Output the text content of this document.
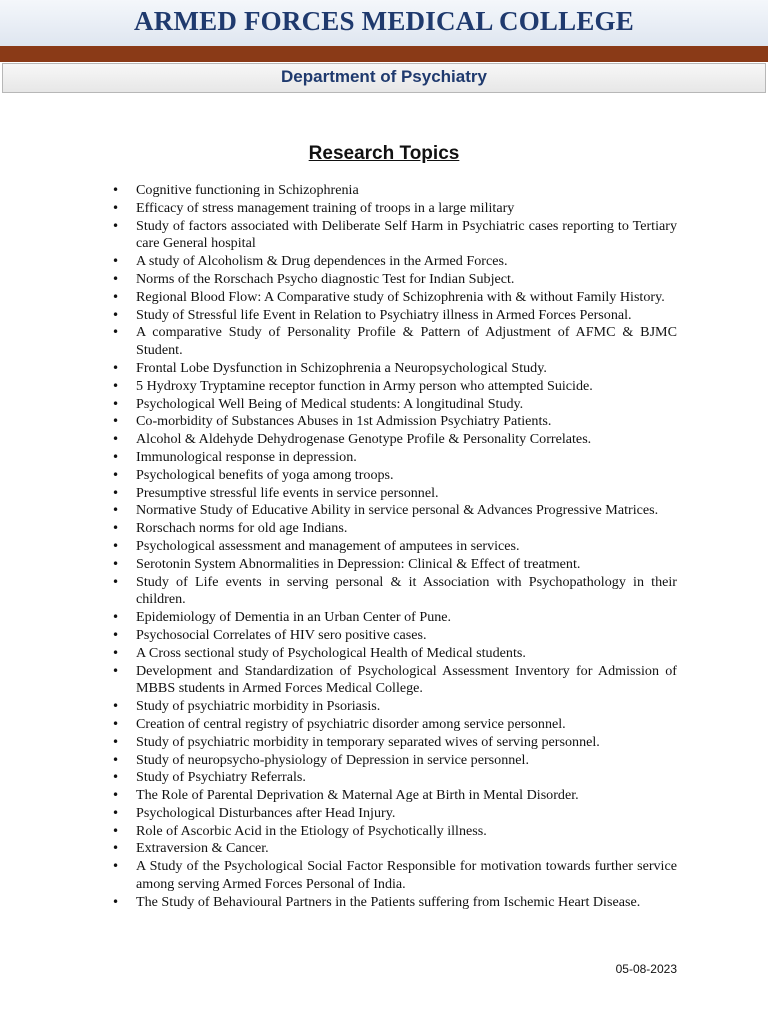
ARMED FORCES MEDICAL COLLEGE
Department of Psychiatry
Research Topics
• Cognitive functioning in Schizophrenia
• Efficacy of stress management training of troops in a large military
• Study of factors associated with Deliberate Self Harm in Psychiatric cases reporting to Tertiary care General hospital
• A study of Alcoholism & Drug dependences in the Armed Forces.
• Norms of the Rorschach Psycho diagnostic Test for Indian Subject.
• Regional Blood Flow: A Comparative study of Schizophrenia with & without Family History.
• Study of Stressful life Event in Relation to Psychiatry illness in Armed Forces Personal.
• A comparative Study of Personality Profile & Pattern of Adjustment of AFMC & BJMC Student.
• Frontal Lobe Dysfunction in Schizophrenia a Neuropsychological Study.
• 5 Hydroxy Tryptamine receptor function in Army person who attempted Suicide.
• Psychological Well Being of Medical students: A longitudinal Study.
• Co-morbidity of Substances Abuses in 1st Admission Psychiatry Patients.
• Alcohol & Aldehyde Dehydrogenase Genotype Profile & Personality Correlates.
• Immunological response in depression.
• Psychological benefits of yoga among troops.
• Presumptive stressful life events in service personnel.
• Normative Study of Educative Ability in service personal & Advances Progressive Matrices.
• Rorschach norms for old age Indians.
• Psychological assessment and management of amputees in services.
• Serotonin System Abnormalities in Depression: Clinical & Effect of treatment.
• Study of Life events in serving personal & it Association with Psychopathology in their children.
• Epidemiology of Dementia in an Urban Center of Pune.
• Psychosocial Correlates of HIV sero positive cases.
• A Cross sectional study of Psychological Health of Medical students.
• Development and Standardization of Psychological Assessment Inventory for Admission of MBBS students in Armed Forces Medical College.
• Study of psychiatric morbidity in Psoriasis.
• Creation of central registry of psychiatric disorder among service personnel.
• Study of psychiatric morbidity in temporary separated wives of serving personnel.
• Study of neuropsycho-physiology of Depression in service personnel.
• Study of Psychiatry Referrals.
• The Role of Parental Deprivation & Maternal Age at Birth in Mental Disorder.
• Psychological Disturbances after Head Injury.
• Role of Ascorbic Acid in the Etiology of Psychotically illness.
• Extraversion & Cancer.
• A Study of the Psychological Social Factor Responsible for motivation towards further service among serving Armed Forces Personal of India.
• The Study of Behavioural Partners in the Patients suffering from Ischemic Heart Disease.
05-08-2023
